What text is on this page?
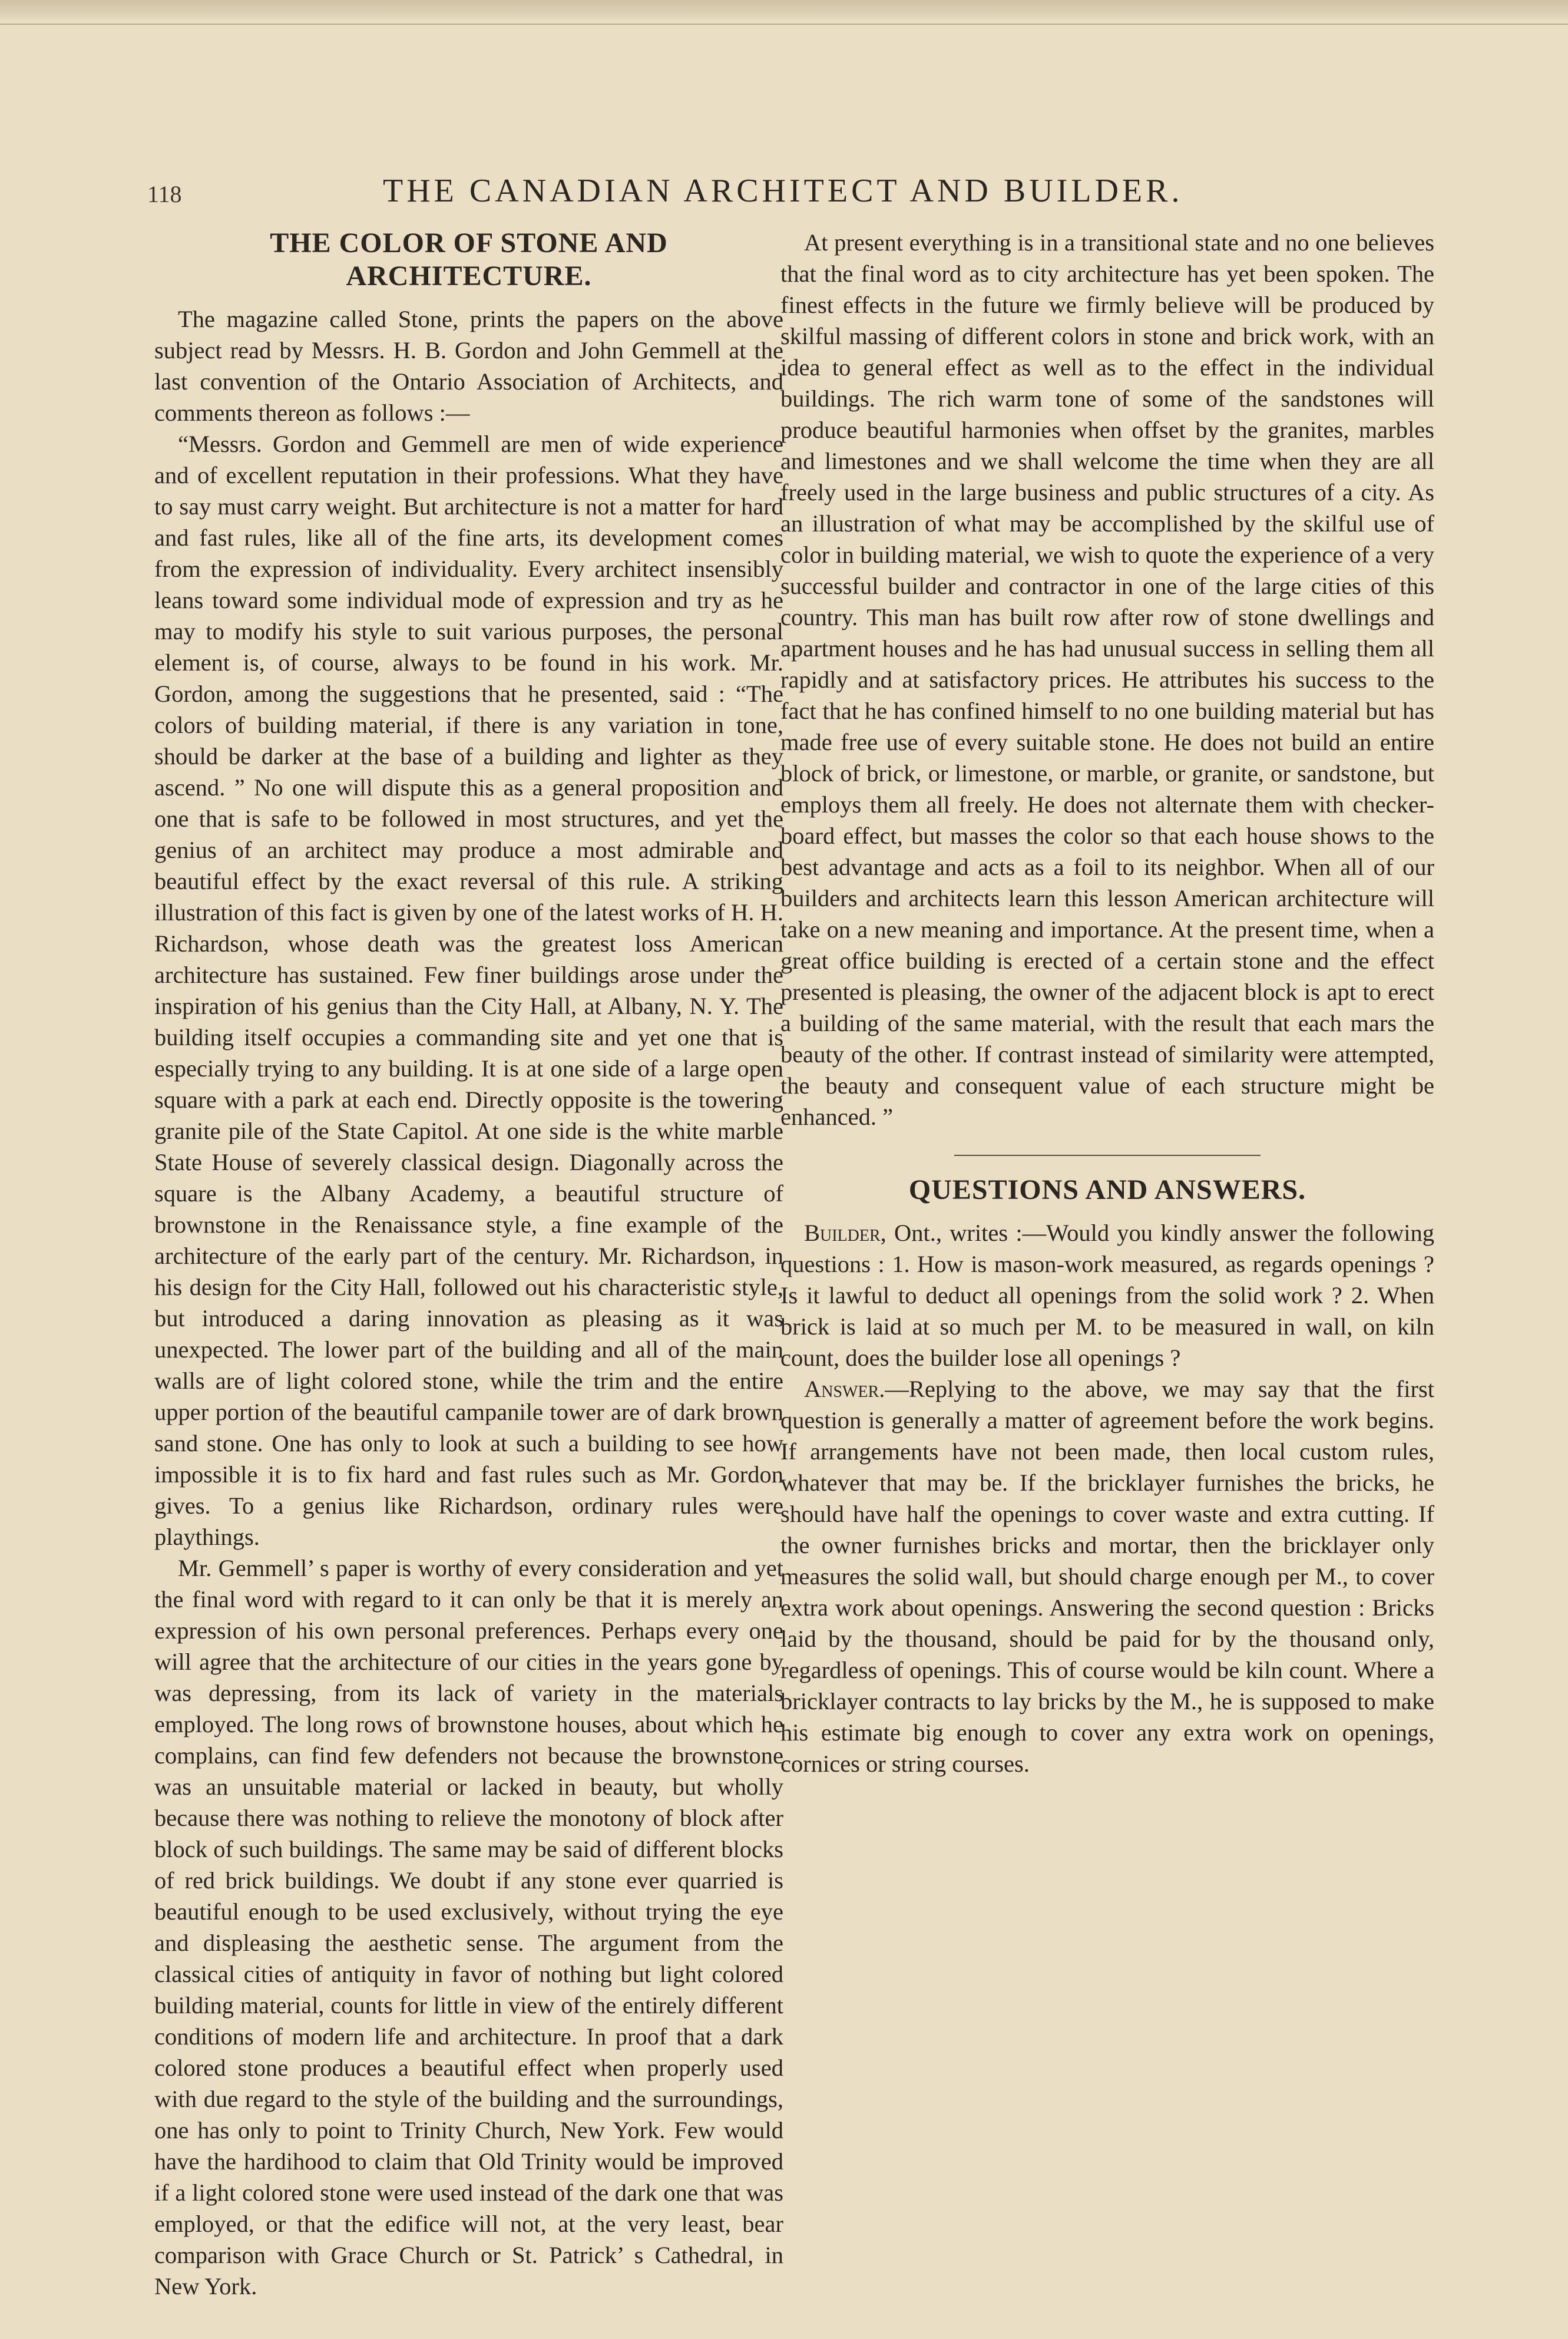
118	THE CANADIAN ARCHITECT AND BUILDER.
THE COLOR OF STONE AND
ARCHITECTURE.

The magazine called Stone, prints the papers on the above subject read by Messrs. H. B. Gordon and John Gemmell at the last convention of the Ontario Association of Architects, and comments thereon as follows :—

“Messrs. Gordon and Gemmell are men of wide experience and of excellent reputation in their professions. What they have to say must carry weight. But architecture is not a matter for hard and fast rules, like all of the fine arts, its development comes from the expression of individuality. Every architect insensibly leans toward some individual mode of expression and try as he may to modify his style to suit various purposes, the personal element is, of course, always to be found in his work. Mr. Gordon, among the suggestions that he presented, said : “The colors of building material, if there is any variation in tone, should be darker at the base of a building and lighter as they ascend. ” No one will dispute this as a general proposition and one that is safe to be followed in most structures, and yet the genius of an architect may produce a most admirable and beautiful effect by the exact reversal of this rule. A striking illustration of this fact is given by one of the latest works of H. H. Richardson, whose death was the greatest loss American architecture has sustained. Few finer buildings arose under the inspiration of his genius than the City Hall, at Albany, N. Y. The building itself occupies a commanding site and yet one that is especially trying to any building. It is at one side of a large open square with a park at each end. Directly opposite is the towering granite pile of the State Capitol. At one side is the white marble State House of severely classical design. Diagonally across the square is the Albany Academy, a beautiful structure of brownstone in the Renaissance style, a fine example of the architecture of the early part of the century. Mr. Richardson, in his design for the City Hall, followed out his characteristic style, but introduced a daring innovation as pleasing as it was unexpected. The lower part of the building and all of the main walls are of light colored stone, while the trim and the entire upper portion of the beautiful campanile tower are of dark brown sand stone. One has only to look at such a building to see how impossible it is to fix hard and fast rules such as Mr. Gordon gives. To a genius like Richardson, ordinary rules were playthings.

Mr. Gemmell’ s paper is worthy of every consideration and yet the final word with regard to it can only be that it is merely an expression of his own personal preferences. Perhaps every one will agree that the architecture of our cities in the years gone by was depressing, from its lack of variety in the materials employed. The long rows of brownstone houses, about which he complains, can find few defenders not because the brownstone was an unsuitable material or lacked in beauty, but wholly because there was nothing to relieve the monotony of block after block of such buildings. The same may be said of different blocks of red brick buildings. We doubt if any stone ever quarried is beautiful enough to be used exclusively, without trying the eye and displeasing the aesthetic sense. The argument from the classical cities of antiquity in favor of nothing but light colored building material, counts for little in view of the entirely different conditions of modern life and architecture. In proof that a dark colored stone produces a beautiful effect when properly used with due regard to the style of the building and the surroundings, one has only to point to Trinity Church, New York. Few would have the hardihood to claim that Old Trinity would be improved if a light colored stone were used instead of the dark one that was employed, or that the edifice will not, at the very least, bear comparison with Grace Church or St. Patrick’ s Cathedral, in New York.

At present everything is in a transitional state and no one believes that the final word as to city architecture has yet been spoken. The finest effects in the future we firmly believe will be produced by skilful massing of different colors in stone and brick work, with an idea to general effect as well as to the effect in the individual buildings. The rich warm tone of some of the sandstones will produce beautiful harmonies when offset by the granites, marbles and limestones and we shall welcome the time when they are all freely used in the large business and public structures of a city. As an illustration of what may be accomplished by the skilful use of color in building material, we wish to quote the experience of a very successful builder and contractor in one of the large cities of this country. This man has built row after row of stone dwellings and apartment houses and he has had unusual success in selling them all rapidly and at satisfactory prices. He attributes his success to the fact that he has confined himself to no one building material but has made free use of every suitable stone. He does not build an entire block of brick, or limestone, or marble, or granite, or sandstone, but employs them all freely. He does not alternate them with checker-board effect, but masses the color so that each house shows to the best advantage and acts as a foil to its neighbor. When all of our builders and architects learn this lesson American architecture will take on a new meaning and importance. At the present time, when a great office building is erected of a certain stone and the effect presented is pleasing, the owner of the adjacent block is apt to erect a building of the same material, with the result that each mars the beauty of the other. If contrast instead of similarity were attempted, the beauty and consequent value of each structure might be enhanced. ”

QUESTIONS AND ANSWERS.

Builder, Ont., writes :—Would you kindly answer the following questions : 1. How is mason-work measured, as regards openings ? Is it lawful to deduct all openings from the solid work ? 2. When brick is laid at so much per M. to be measured in wall, on kiln count, does the builder lose all openings ?

Answer.—Replying to the above, we may say that the first question is generally a matter of agreement before the work begins. If arrangements have not been made, then local custom rules, whatever that may be. If the bricklayer furnishes the bricks, he should have half the openings to cover waste and extra cutting. If the owner furnishes bricks and mortar, then the bricklayer only measures the solid wall, but should charge enough per M., to cover extra work about openings. Answering the second question : Bricks laid by the thousand, should be paid for by the thousand only, regardless of openings. This of course would be kiln count. Where a bricklayer contracts to lay bricks by the M., he is supposed to make his estimate big enough to cover any extra work on openings, cornices or string courses.
